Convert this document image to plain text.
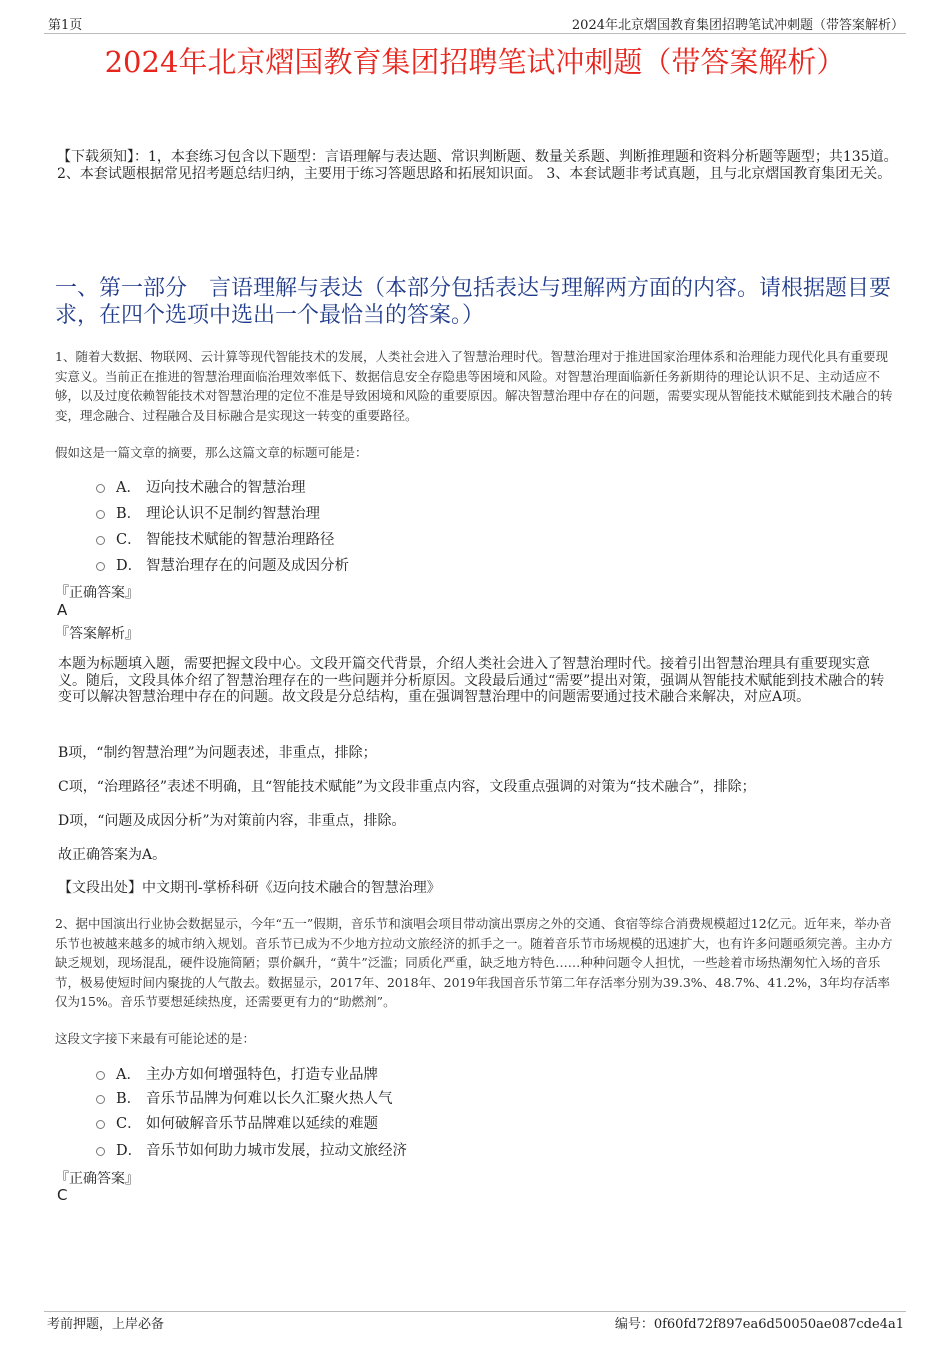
第1页	2024年北京熠国教育集团招聘笔试冲刺题（带答案解析）
2024年北京熠国教育集团招聘笔试冲刺题（带答案解析）
【下载须知】：1，本套练习包含以下题型：言语理解与表达题、常识判断题、数量关系题、判断推理题和资料分析题等题型；共135道。 2、本套试题根据常见招考题总结归纳，主要用于练习答题思路和拓展知识面。 3、本套试题非考试真题，且与北京熠国教育集团无关。
一、第一部分　言语理解与表达（本部分包括表达与理解两方面的内容。请根据题目要求，在四个选项中选出一个最恰当的答案。）
1、随着大数据、物联网、云计算等现代智能技术的发展，人类社会进入了智慧治理时代。智慧治理对于推进国家治理体系和治理能力现代化具有重要现实意义。当前正在推进的智慧治理面临治理效率低下、数据信息安全存隐患等困境和风险。对智慧治理面临新任务新期待的理论认识不足、主动适应不够，以及过度依赖智能技术对智慧治理的定位不准是导致困境和风险的重要原因。解决智慧治理中存在的问题，需要实现从智能技术赋能到技术融合的转变，理念融合、过程融合及目标融合是实现这一转变的重要路径。
假如这是一篇文章的摘要，那么这篇文章的标题可能是：
A． 迈向技术融合的智慧治理
B． 理论认识不足制约智慧治理
C． 智能技术赋能的智慧治理路径
D． 智慧治理存在的问题及成因分析
『正确答案』
A
『答案解析』
本题为标题填入题，需要把握文段中心。文段开篇交代背景，介绍人类社会进入了智慧治理时代。接着引出智慧治理具有重要现实意义。随后，文段具体介绍了智慧治理存在的一些问题并分析原因。文段最后通过“需要”提出对策，强调从智能技术赋能到技术融合的转变可以解决智慧治理中存在的问题。故文段是分总结构，重在强调智慧治理中的问题需要通过技术融合来解决，对应A项。
B项，“制约智慧治理”为问题表述，非重点，排除；
C项，“治理路径”表述不明确，且“智能技术赋能”为文段非重点内容，文段重点强调的对策为“技术融合”，排除；
D项，“问题及成因分析”为对策前内容，非重点，排除。
故正确答案为A。
【文段出处】中文期刊-掌桥科研《迈向技术融合的智慧治理》
2、据中国演出行业协会数据显示，今年“五一”假期，音乐节和演唱会项目带动演出票房之外的交通、食宿等综合消费规模超过12亿元。近年来，举办音乐节也被越来越多的城市纳入规划。音乐节已成为不少地方拉动文旅经济的抓手之一。随着音乐节市场规模的迅速扩大，也有许多问题亟须完善。主办方缺乏规划，现场混乱，硬件设施简陋；票价飙升，“黄牛”泛滥；同质化严重，缺乏地方特色……种种问题令人担忧，一些趁着市场热潮匆忙入场的音乐节，极易使短时间内聚拢的人气散去。数据显示，2017年、2018年、2019年我国音乐节第二年存活率分别为39.3%、48.7%、41.2%，3年均存活率仅为15%。音乐节要想延续热度，还需要更有力的“助燃剂”。
这段文字接下来最有可能论述的是：
A． 主办方如何增强特色，打造专业品牌
B． 音乐节品牌为何难以长久汇聚火热人气
C． 如何破解音乐节品牌难以延续的难题
D． 音乐节如何助力城市发展，拉动文旅经济
『正确答案』
C
考前押题，上岸必备	编号：0f60fd72f897ea6d50050ae087cde4a1
